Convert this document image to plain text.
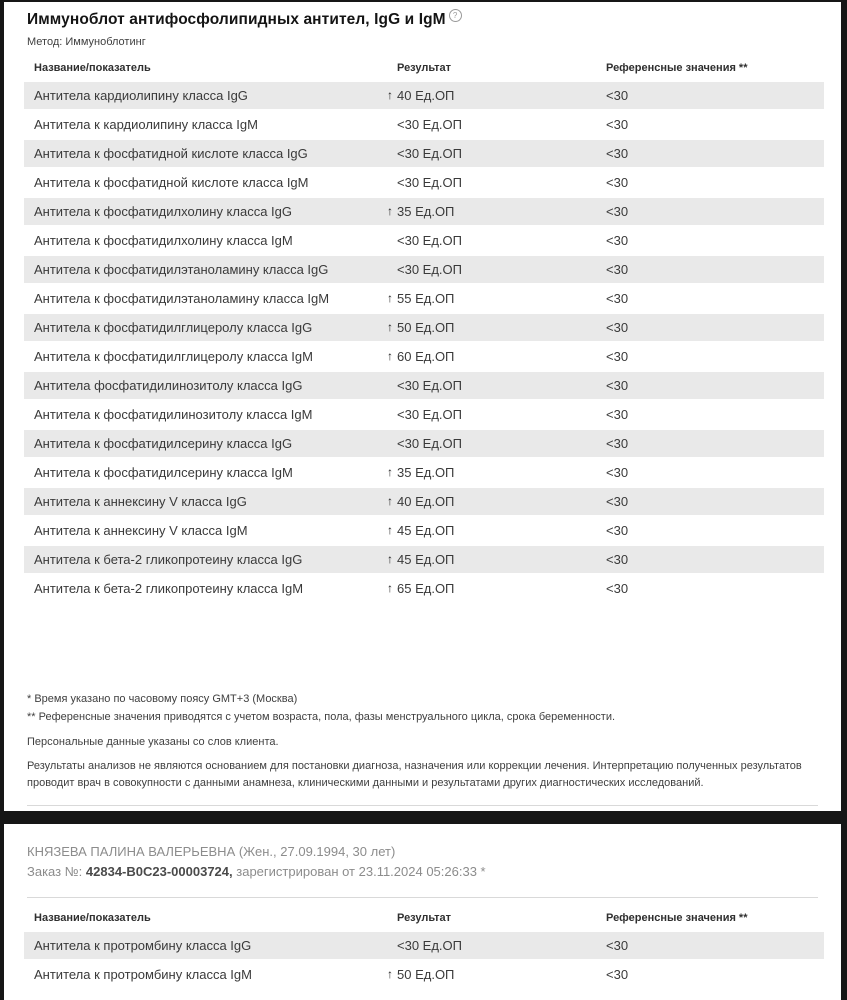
Иммуноблот антифосфолипидных антител, IgG и IgM ?
Метод: Иммуноблотинг
Название/показатель	Результат	Референсные значения **
Антитела кардиолипину класса IgG	↑ 40 Ед.ОП	<30
Антитела к кардиолипину класса IgM	<30 Ед.ОП	<30
Антитела к фосфатидной кислоте класса IgG	<30 Ед.ОП	<30
Антитела к фосфатидной кислоте класса IgM	<30 Ед.ОП	<30
Антитела к фосфатидилхолину класса IgG	↑ 35 Ед.ОП	<30
Антитела к фосфатидилхолину класса IgM	<30 Ед.ОП	<30
Антитела к фосфатидилэтаноламину класса IgG	<30 Ед.ОП	<30
Антитела к фосфатидилэтаноламину класса IgM	↑ 55 Ед.ОП	<30
Антитела к фосфатидилглицеролу класса IgG	↑ 50 Ед.ОП	<30
Антитела к фосфатидилглицеролу класса IgM	↑ 60 Ед.ОП	<30
Антитела фосфатидилинозитолу класса IgG	<30 Ед.ОП	<30
Антитела к фосфатидилинозитолу класса IgM	<30 Ед.ОП	<30
Антитела к фосфатидилсерину класса IgG	<30 Ед.ОП	<30
Антитела к фосфатидилсерину класса IgM	↑ 35 Ед.ОП	<30
Антитела к аннексину V класса IgG	↑ 40 Ед.ОП	<30
Антитела к аннексину V класса IgM	↑ 45 Ед.ОП	<30
Антитела к бета-2 гликопротеину класса IgG	↑ 45 Ед.ОП	<30
Антитела к бета-2 гликопротеину класса IgM	↑ 65 Ед.ОП	<30
* Время указано по часовому поясу GMT+3 (Москва)
** Референсные значения приводятся с учетом возраста, пола, фазы менструального цикла, срока беременности.
Персональные данные указаны со слов клиента.
Результаты анализов не являются основанием для постановки диагноза, назначения или коррекции лечения. Интерпретацию полученных результатов проводит врач в совокупности с данными анамнеза, клиническими данными и результатами других диагностических исследований.
КНЯЗЕВА ПАЛИНА ВАЛЕРЬЕВНА (Жен., 27.09.1994, 30 лет)
Заказ №: 42834-B0C23-00003724, зарегистрирован от 23.11.2024 05:26:33 *
Название/показатель	Результат	Референсные значения **
Антитела к протромбину класса IgG	<30 Ед.ОП	<30
Антитела к протромбину класса IgM	↑ 50 Ед.ОП	<30
